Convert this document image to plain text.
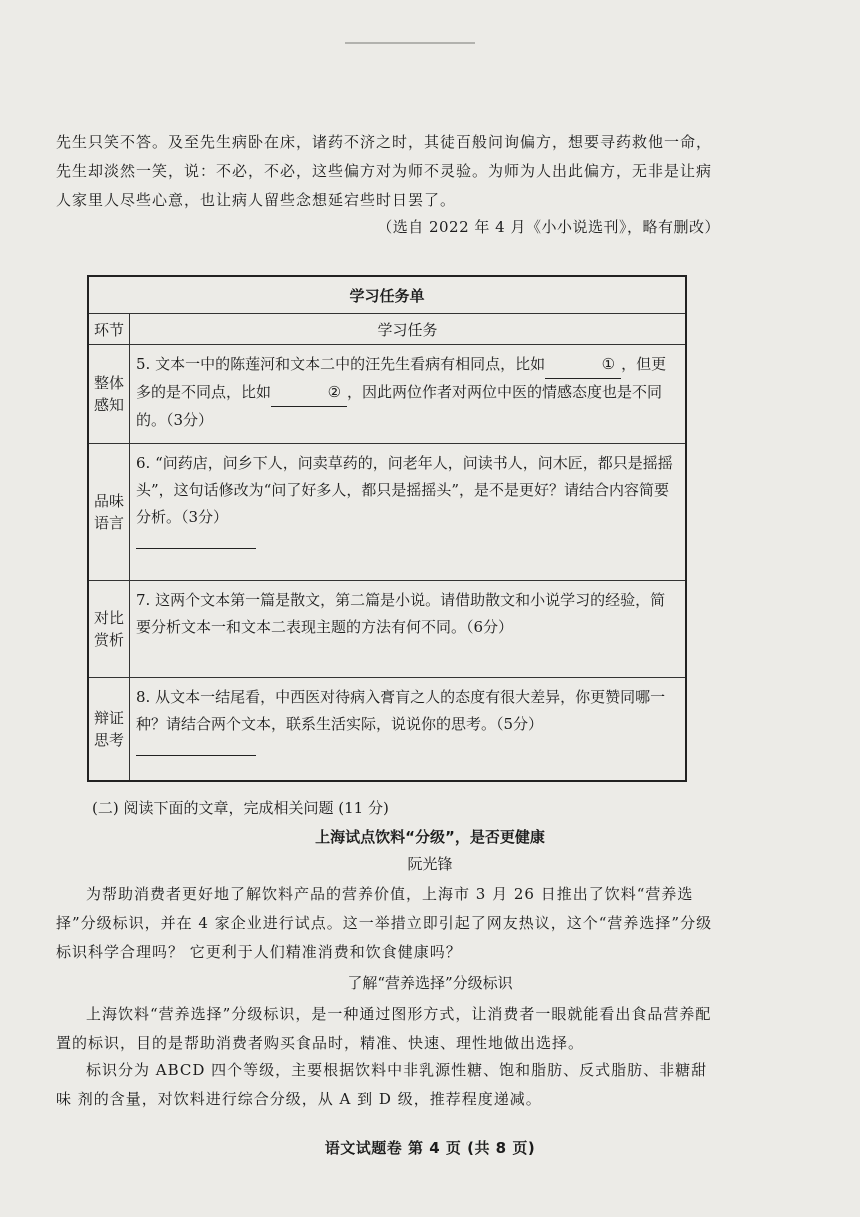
先生只笑不答。及至先生病卧在床，诸药不济之时，其徒百般问询偏方，想要寻药救他一命，先生却淡然一笑，说：不必，不必，这些偏方对为师不灵验。为师为人出此偏方，无非是让病人家里人尽些心意，也让病人留些念想延宕些时日罢了。

（选自 2022 年 4 月《小小说选刊》，略有删改）
学习任务单	
环节	学习任务
整体感知	5. 文本一中的陈莲河和文本二中的汪先生看病有相同点，比如 ① ，但更多的是不同点，比如 ② ，因此两位作者对两位中医的情感态度也是不同的。（3分）
品味语言	6. “问药店，问乡下人，问卖草药的，问老年人，问读书人，问木匠，都只是摇摇头”，这句话修改为“问了好多人，都只是摇摇头”，是不是更好？请结合内容简要分析。（3分）

对比赏析	7. 这两个文本第一篇是散文，第二篇是小说。请借助散文和小说学习的经验，简要分析文本一和文本二表现主题的方法有何不同。（6分）

辩证思考	8. 从文本一结尾看，中西医对待病入膏肓之人的态度有很大差异，你更赞同哪一种？请结合两个文本，联系生活实际，说说你的思考。（5分）
(二) 阅读下面的文章，完成相关问题 (11 分)
上海试点饮料“分级”，是否更健康
阮光锋

为帮助消费者更好地了解饮料产品的营养价值，上海市 3 月 26 日推出了饮料“营养选择”分级标识，并在 4 家企业进行试点。这一举措立即引起了网友热议，这个“营养选择”分级标识科学合理吗？ 它更利于人们精准消费和饮食健康吗？

了解“营养选择”分级标识

上海饮料“营养选择”分级标识，是一种通过图形方式，让消费者一眼就能看出食品营养配置的标识，目的是帮助消费者购买食品时，精准、快速、理性地做出选择。

标识分为 ABCD 四个等级，主要根据饮料中非乳源性糖、饱和脂肪、反式脂肪、非糖甜味 剂的含量，对饮料进行综合分级，从 A 到 D 级，推荐程度递减。

语文试题卷 第 4 页 (共 8 页)
